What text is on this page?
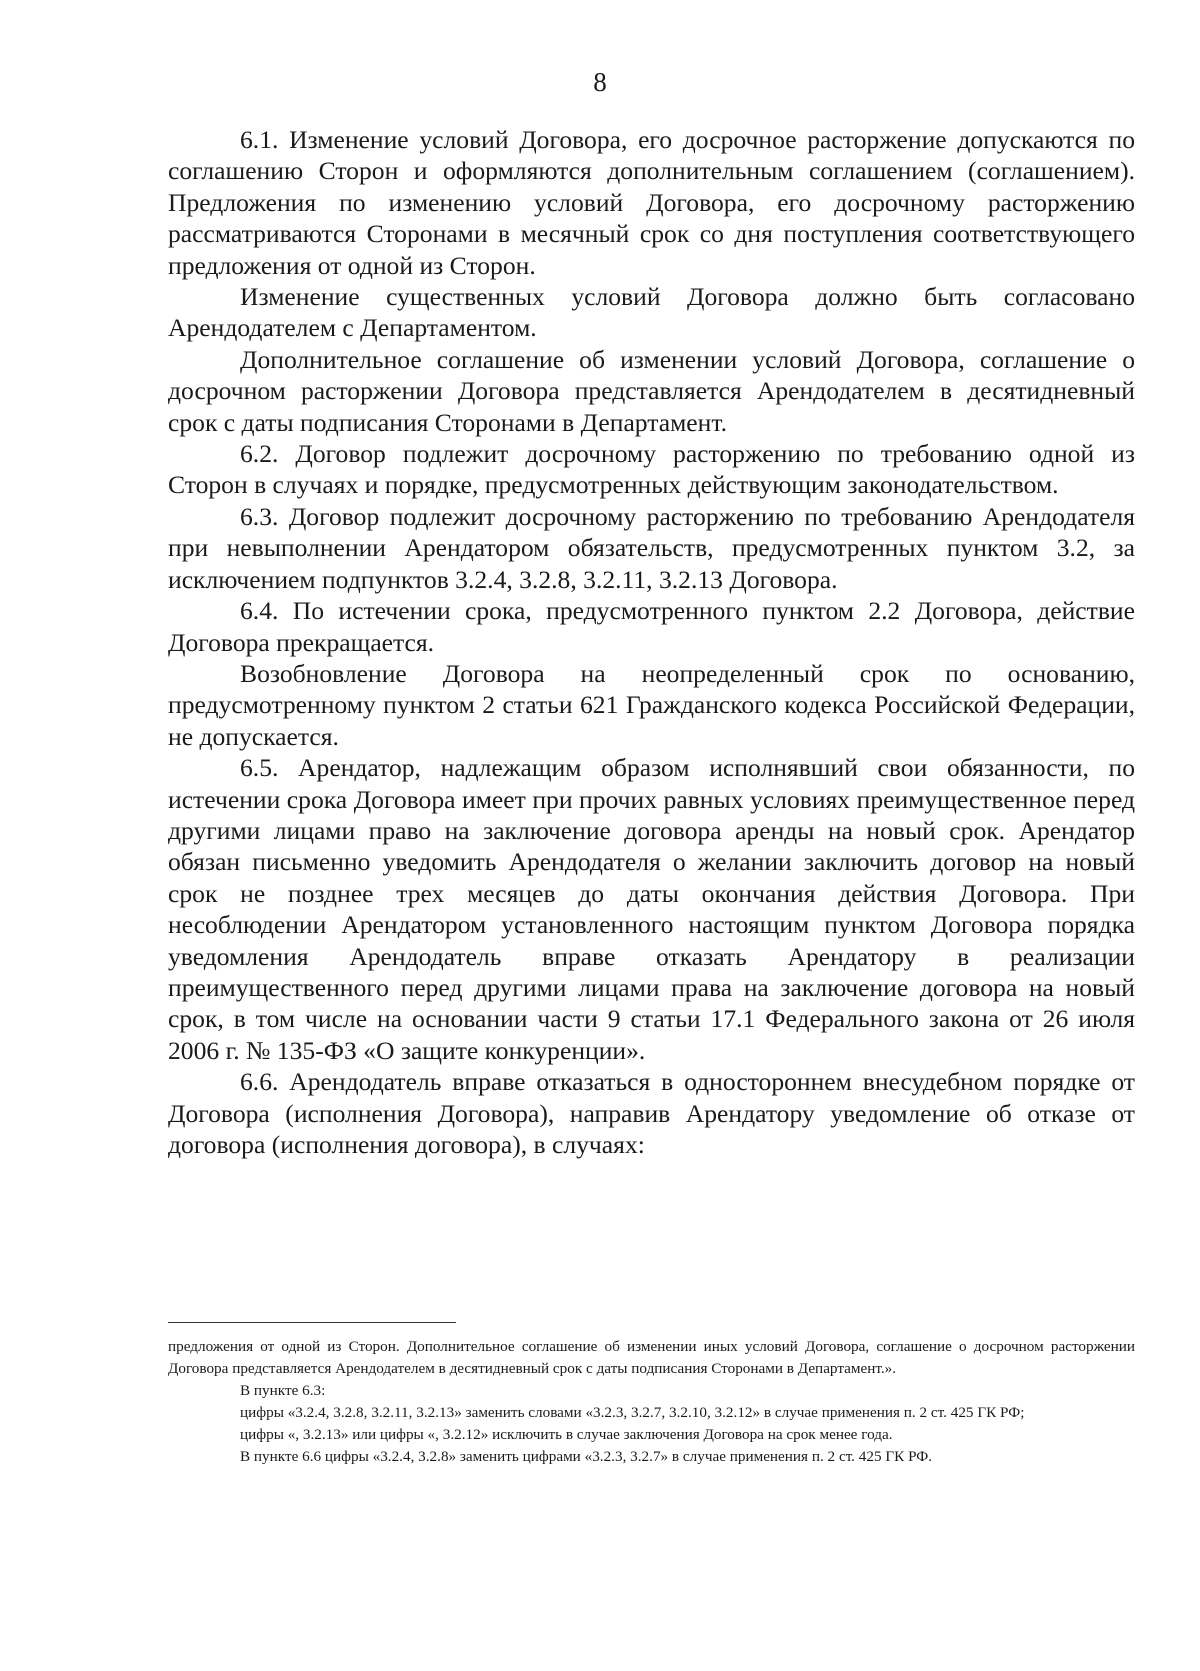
8

6.1. Изменение условий Договора, его досрочное расторжение допускаются по соглашению Сторон и оформляются дополнительным соглашением (соглашением). Предложения по изменению условий Договора, его досрочному расторжению рассматриваются Сторонами в месячный срок со дня поступления соответствующего предложения от одной из Сторон.

Изменение существенных условий Договора должно быть согласовано Арендодателем с Департаментом.

Дополнительное соглашение об изменении условий Договора, соглашение о досрочном расторжении Договора представляется Арендодателем в десятидневный срок с даты подписания Сторонами в Департамент.

6.2. Договор подлежит досрочному расторжению по требованию одной из Сторон в случаях и порядке, предусмотренных действующим законодательством.

6.3. Договор подлежит досрочному расторжению по требованию Арендодателя при невыполнении Арендатором обязательств, предусмотренных пунктом 3.2, за исключением подпунктов 3.2.4, 3.2.8, 3.2.11, 3.2.13 Договора.

6.4. По истечении срока, предусмотренного пунктом 2.2 Договора, действие Договора прекращается.

Возобновление Договора на неопределенный срок по основанию, предусмотренному пунктом 2 статьи 621 Гражданского кодекса Российской Федерации, не допускается.

6.5. Арендатор, надлежащим образом исполнявший свои обязанности, по истечении срока Договора имеет при прочих равных условиях преимущественное перед другими лицами право на заключение договора аренды на новый срок. Арендатор обязан письменно уведомить Арендодателя о желании заключить договор на новый срок не позднее трех месяцев до даты окончания действия Договора. При несоблюдении Арендатором установленного настоящим пунктом Договора порядка уведомления Арендодатель вправе отказать Арендатору в реализации преимущественного перед другими лицами права на заключение договора на новый срок, в том числе на основании части 9 статьи 17.1 Федерального закона от 26 июля 2006 г. № 135-ФЗ «О защите конкуренции».

6.6. Арендодатель вправе отказаться в одностороннем внесудебном порядке от Договора (исполнения Договора), направив Арендатору уведомление об отказе от договора (исполнения договора), в случаях:

предложения от одной из Сторон. Дополнительное соглашение об изменении иных условий Договора, соглашение о досрочном расторжении Договора представляется Арендодателем в десятидневный срок с даты подписания Сторонами в Департамент.».

В пункте 6.3:

цифры «3.2.4, 3.2.8, 3.2.11, 3.2.13» заменить словами «3.2.3, 3.2.7, 3.2.10, 3.2.12» в случае применения п. 2 ст. 425 ГК РФ;

цифры «, 3.2.13» или цифры «, 3.2.12» исключить в случае заключения Договора на срок менее года.

В пункте 6.6 цифры «3.2.4, 3.2.8» заменить цифрами «3.2.3, 3.2.7» в случае применения п. 2 ст. 425 ГК РФ.
